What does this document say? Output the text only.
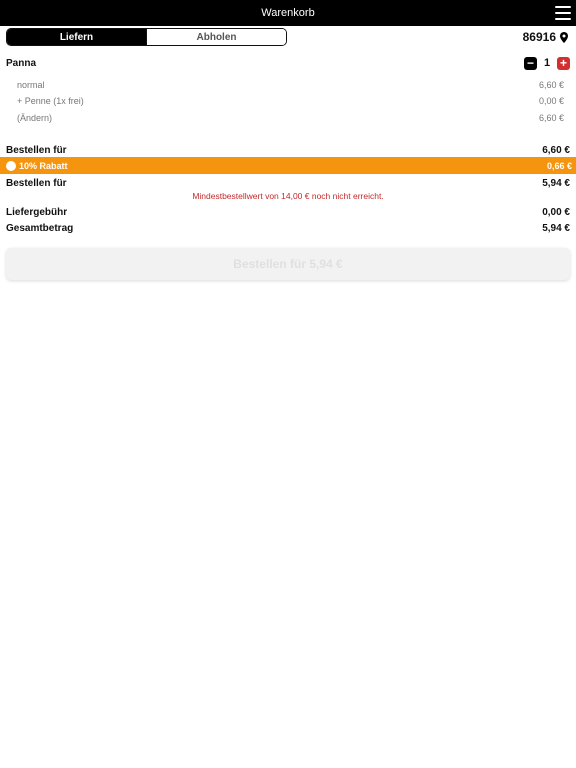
Warenkorb
Liefern	Abholen	86916
Panna	− 1 +
normal	6,60 €
+ Penne (1x frei)	0,00 €
(Ändern)	6,60 €
Bestellen für	6,60 €
10% Rabatt	0,66 €
Bestellen für	5,94 €
Mindestbestellwert von 14,00 € noch nicht erreicht.
Liefergebühr	0,00 €
Gesamtbetrag	5,94 €
Bestellen für 5,94 €
